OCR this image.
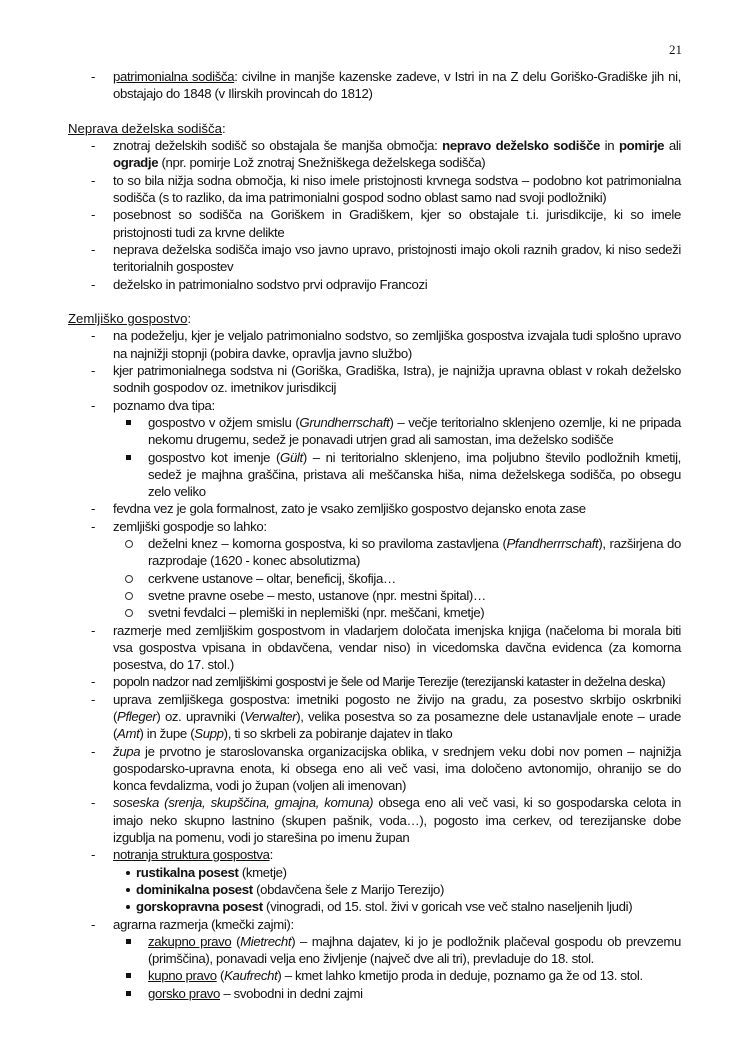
21
- patrimonialna sodišča: civilne in manjše kazenske zadeve, v Istri in na Z delu Goriško-Gradiške jih ni, obstajajo do 1848 (v Ilirskih provincah do 1812)

Neprava deželska sodišča:

- znotraj deželskih sodišč so obstajala še manjša območja: nepravo deželsko sodišče in pomirje ali ogradje (npr. pomirje Lož znotraj Snežniškega deželskega sodišča)
- to so bila nižja sodna območja, ki niso imele pristojnosti krvnega sodstva – podobno kot patrimonialna sodišča (s to razliko, da ima patrimonialni gospod sodno oblast samo nad svoji podložniki)
- posebnost so sodišča na Goriškem in Gradiškem, kjer so obstajale t.i. jurisdikcije, ki so imele pristojnosti tudi za krvne delikte
- neprava deželska sodišča imajo vso javno upravo, pristojnosti imajo okoli raznih gradov, ki niso sedeži teritorialnih gospostev
- deželsko in patrimonialno sodstvo prvi odpravijo Francozi

Zemljiško gospostvo:

- na podeželju, kjer je veljalo patrimonialno sodstvo, so zemljiška gospostva izvajala tudi splošno upravo na najnižji stopnji (pobira davke, opravlja javno službo)
- kjer patrimonialnega sodstva ni (Goriška, Gradiška, Istra), je najnižja upravna oblast v rokah deželsko sodnih gospodov oz. imetnikov jurisdikcij
- poznamo dva tipa:
gospostvo v ožjem smislu (Grundherrschaft) – večje teritorialno sklenjeno ozemlje, ki ne pripada nekomu drugemu, sedež je ponavadi utrjen grad ali samostan, ima deželsko sodišče
gospostvo kot imenje (Gült) – ni teritorialno sklenjeno, ima poljubno število podložnih kmetij, sedež je majhna graščina, pristava ali meščanska hiša, nima deželskega sodišča, po obsegu zelo veliko
- fevdna vez je gola formalnost, zato je vsako zemljiško gospostvo dejansko enota zase
- zemljiški gospodje so lahko:
deželni knez – komorna gospostva, ki so praviloma zastavljena (Pfandherrrschaft), razširjena do razprodaje (1620 - konec absolutizma)
cerkvene ustanove – oltar, beneficij, škofija…
svetne pravne osebe – mesto, ustanove (npr. mestni špital)…
svetni fevdalci – plemiški in neplemiški (npr. meščani, kmetje)
- razmerje med zemljiškim gospostvom in vladarjem določata imenjska knjiga (načeloma bi morala biti vsa gospostva vpisana in obdavčena, vendar niso) in vicedomska davčna evidenca (za komorna posestva, do 17. stol.)
- popoln nadzor nad zemljiškimi gospostvi je šele od Marije Terezije (terezijanski kataster in deželna deska)
- uprava zemljiškega gospostva: imetniki pogosto ne živijo na gradu, za posestvo skrbijo oskrbniki (Pfleger) oz. upravniki (Verwalter), velika posestva so za posamezne dele ustanavljale enote – urade (Amt) in župe (Supp), ti so skrbeli za pobiranje dajatev in tlako
- župa je prvotno je staroslovanska organizacijska oblika, v srednjem veku dobi nov pomen – najnižja gospodarsko-upravna enota, ki obsega eno ali več vasi, ima določeno avtonomijo, ohranijo se do konca fevdalizma, vodi jo župan (voljen ali imenovan)
- soseska (srenja, skupščina, gmajna, komuna) obsega eno ali več vasi, ki so gospodarska celota in imajo neko skupno lastnino (skupen pašnik, voda…), pogosto ima cerkev, od terezijanske dobe izgublja na pomenu, vodi jo starešina po imenu župan
- notranja struktura gospostva:
rustikalna posest (kmetje)
dominikalna posest (obdavčena šele z Marijo Terezijo)
gorskopravna posest (vinogradi, od 15. stol. živi v goricah vse več stalno naseljenih ljudi)
- agrarna razmerja (kmečki zajmi):
zakupno pravo (Mietrecht) – majhna dajatev, ki jo je podložnik plačeval gospodu ob prevzemu (primščina), ponavadi velja eno življenje (največ dve ali tri), prevladuje do 18. stol.
kupno pravo (Kaufrecht) – kmet lahko kmetijo proda in deduje, poznamo ga že od 13. stol.
gorsko pravo – svobodni in dedni zajmi
